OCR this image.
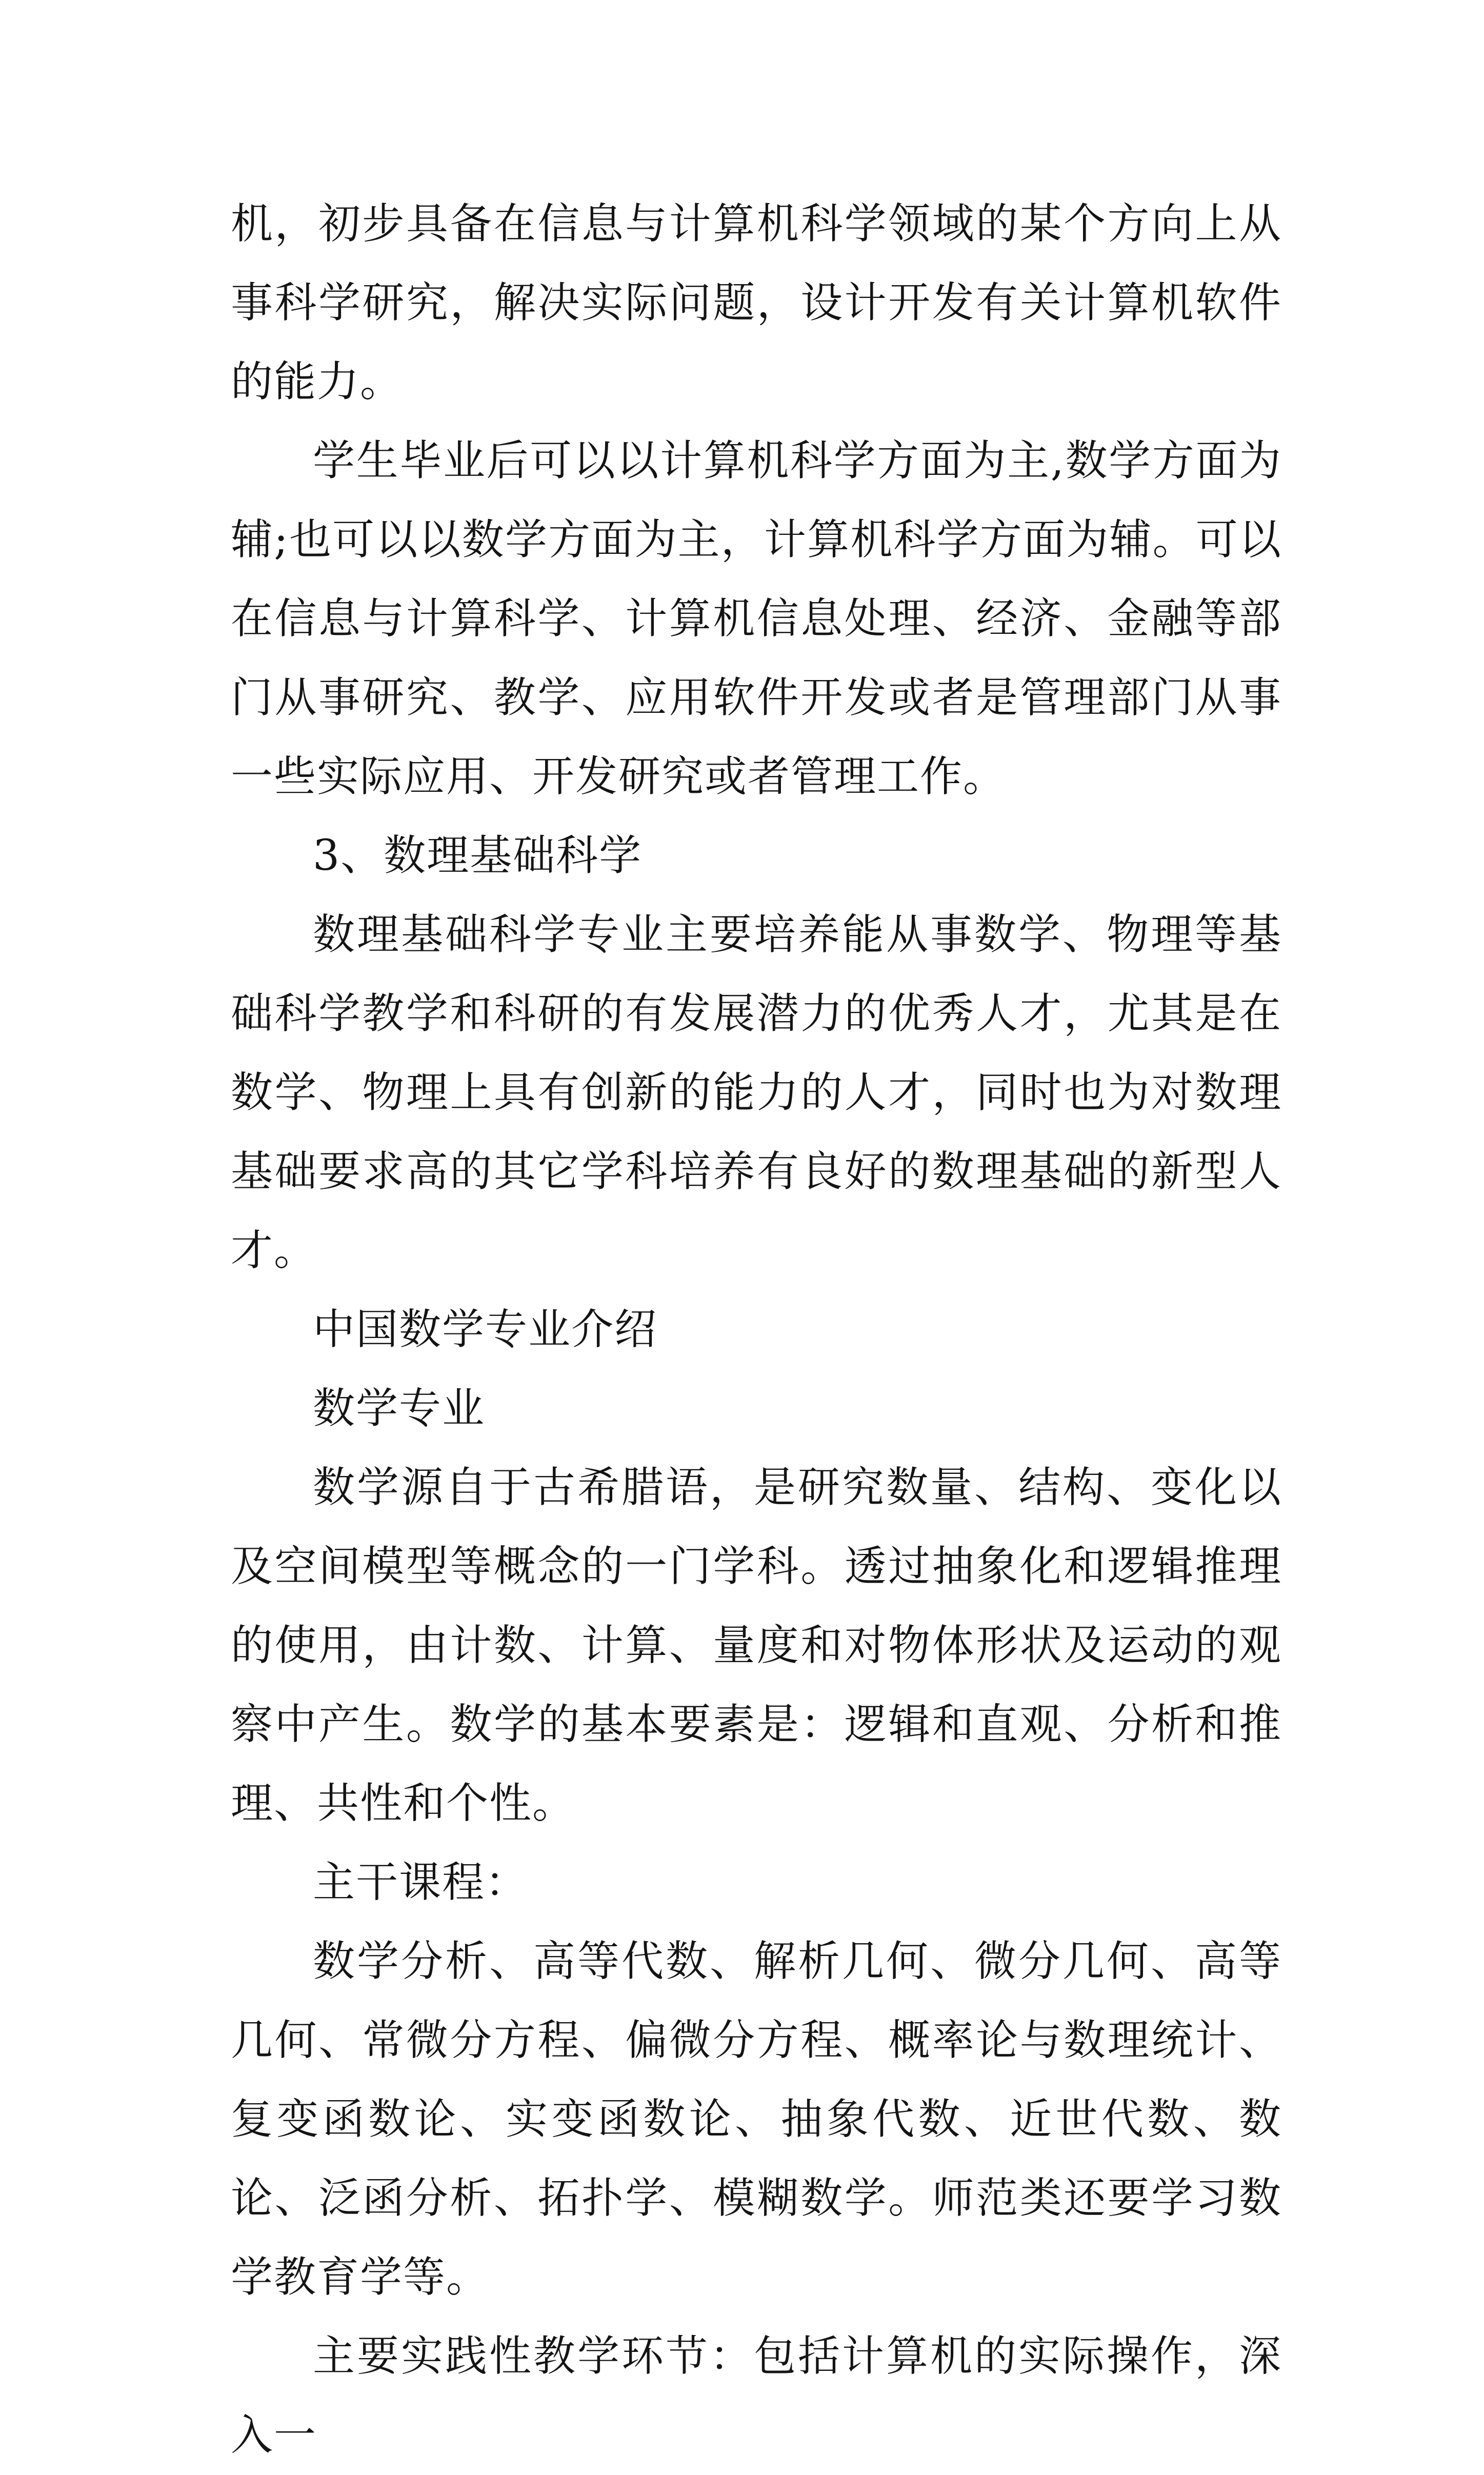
机，初步具备在信息与计算机科学领域的某个方向上从事科学研究，解决实际问题，设计开发有关计算机软件的能力。

学生毕业后可以以计算机科学方面为主,数学方面为辅;也可以以数学方面为主，计算机科学方面为辅。可以在信息与计算科学、计算机信息处理、经济、金融等部门从事研究、教学、应用软件开发或者是管理部门从事一些实际应用、开发研究或者管理工作。

3、数理基础科学

数理基础科学专业主要培养能从事数学、物理等基础科学教学和科研的有发展潜力的优秀人才，尤其是在数学、物理上具有创新的能力的人才，同时也为对数理基础要求高的其它学科培养有良好的数理基础的新型人才。

中国数学专业介绍

数学专业

数学源自于古希腊语，是研究数量、结构、变化以及空间模型等概念的一门学科。透过抽象化和逻辑推理的使用，由计数、计算、量度和对物体形状及运动的观察中产生。数学的基本要素是：逻辑和直观、分析和推理、共性和个性。

主干课程：

数学分析、高等代数、解析几何、微分几何、高等几何、常微分方程、偏微分方程、概率论与数理统计、复变函数论、实变函数论、抽象代数、近世代数、数论、泛函分析、拓扑学、模糊数学。师范类还要学习数学教育学等。

主要实践性教学环节：包括计算机的实际操作，深入一
